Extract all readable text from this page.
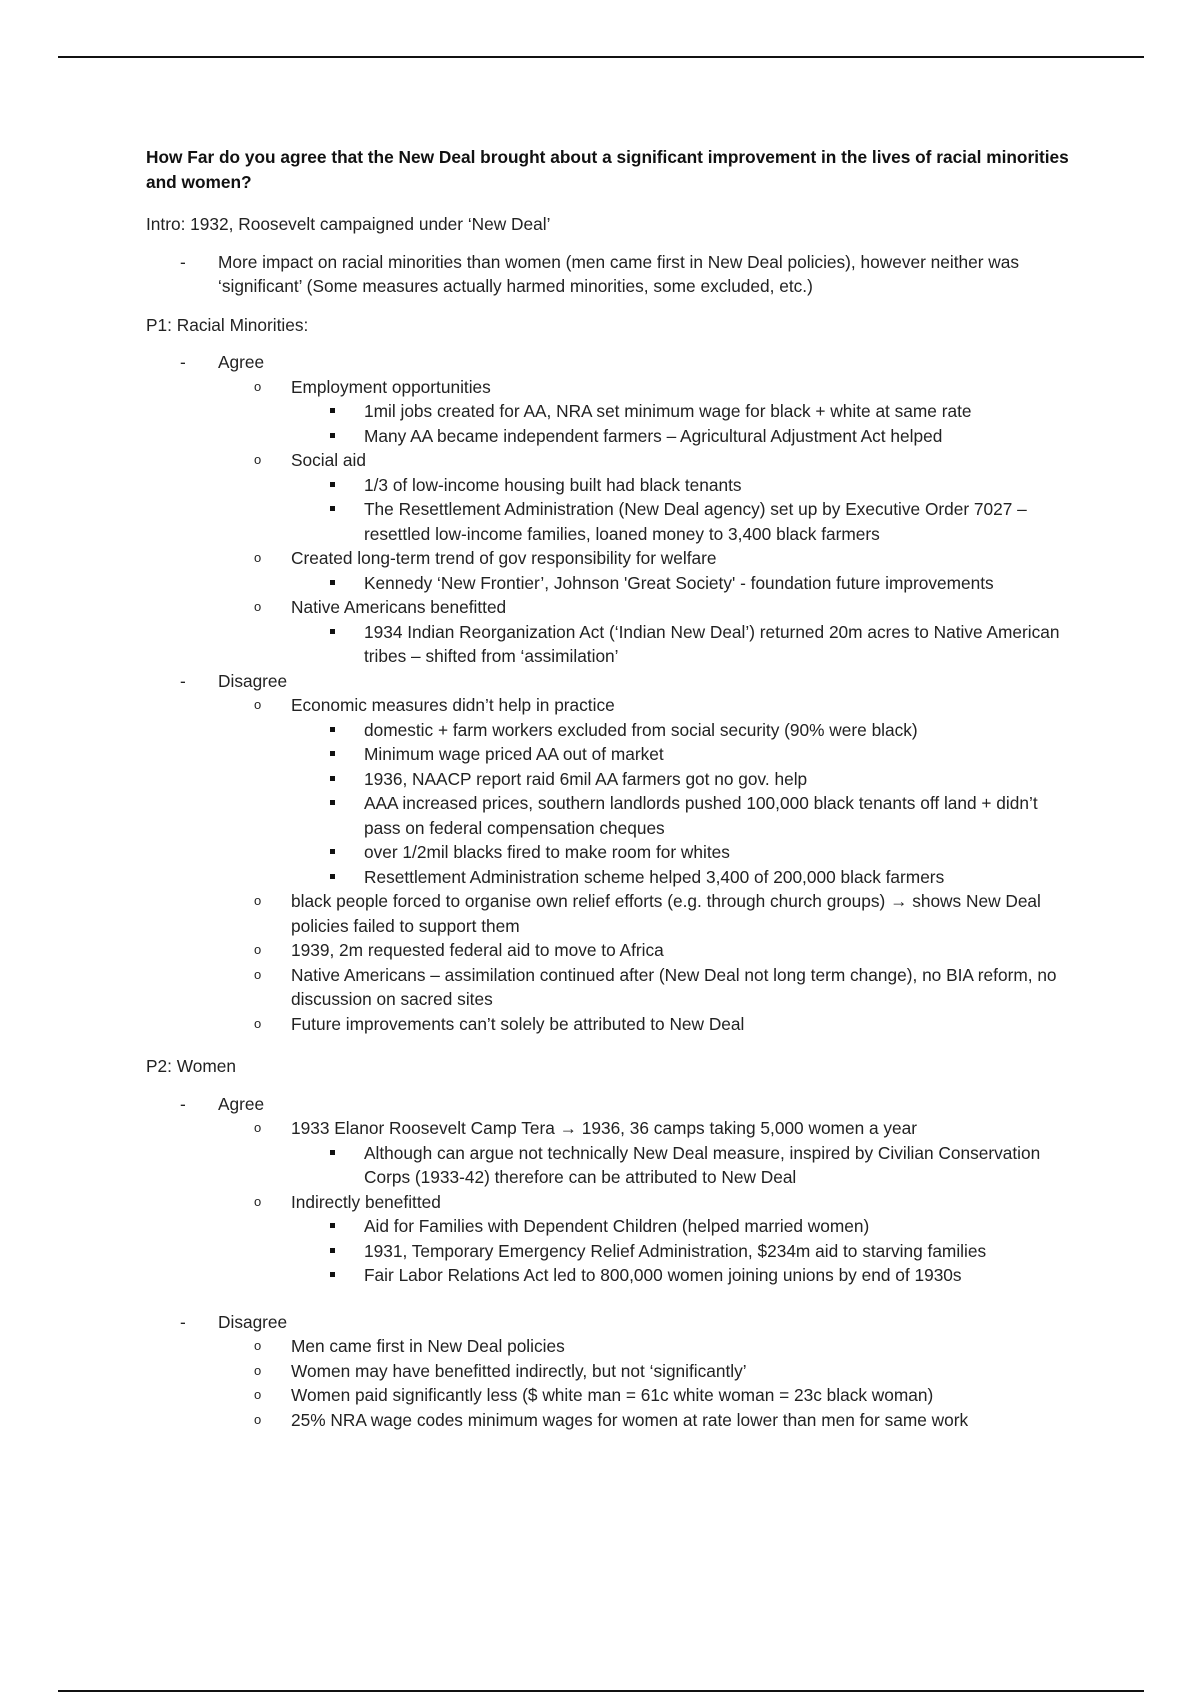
How Far do you agree that the New Deal brought about a significant improvement in the lives of racial minorities and women?
Intro: 1932, Roosevelt campaigned under ‘New Deal’
- More impact on racial minorities than women (men came first in New Deal policies), however neither was ‘significant’ (Some measures actually harmed minorities, some excluded, etc.)
P1: Racial Minorities:
- Agree
o Employment opportunities
1mil jobs created for AA, NRA set minimum wage for black + white at same rate
Many AA became independent farmers – Agricultural Adjustment Act helped
o Social aid
1/3 of low-income housing built had black tenants
The Resettlement Administration (New Deal agency) set up by Executive Order 7027 – resettled low-income families, loaned money to 3,400 black farmers
o Created long-term trend of gov responsibility for welfare
Kennedy ‘New Frontier’, Johnson 'Great Society' - foundation future improvements
o Native Americans benefitted
1934 Indian Reorganization Act (‘Indian New Deal’) returned 20m acres to Native American tribes – shifted from ‘assimilation’
- Disagree
o Economic measures didn’t help in practice
domestic + farm workers excluded from social security (90% were black)
Minimum wage priced AA out of market
1936, NAACP report raid 6mil AA farmers got no gov. help
AAA increased prices, southern landlords pushed 100,000 black tenants off land + didn’t pass on federal compensation cheques
over 1/2mil blacks fired to make room for whites
Resettlement Administration scheme helped 3,400 of 200,000 black farmers
o black people forced to organise own relief efforts (e.g. through church groups) → shows New Deal policies failed to support them
o 1939, 2m requested federal aid to move to Africa
o Native Americans – assimilation continued after (New Deal not long term change), no BIA reform, no discussion on sacred sites
o Future improvements can’t solely be attributed to New Deal
P2: Women
- Agree
o 1933 Elanor Roosevelt Camp Tera → 1936, 36 camps taking 5,000 women a year
Although can argue not technically New Deal measure, inspired by Civilian Conservation Corps (1933-42) therefore can be attributed to New Deal
o Indirectly benefitted
Aid for Families with Dependent Children (helped married women)
1931, Temporary Emergency Relief Administration, $234m aid to starving families
Fair Labor Relations Act led to 800,000 women joining unions by end of 1930s
- Disagree
o Men came first in New Deal policies
o Women may have benefitted indirectly, but not ‘significantly’
o Women paid significantly less ($ white man = 61c white woman = 23c black woman)
o 25% NRA wage codes minimum wages for women at rate lower than men for same work
